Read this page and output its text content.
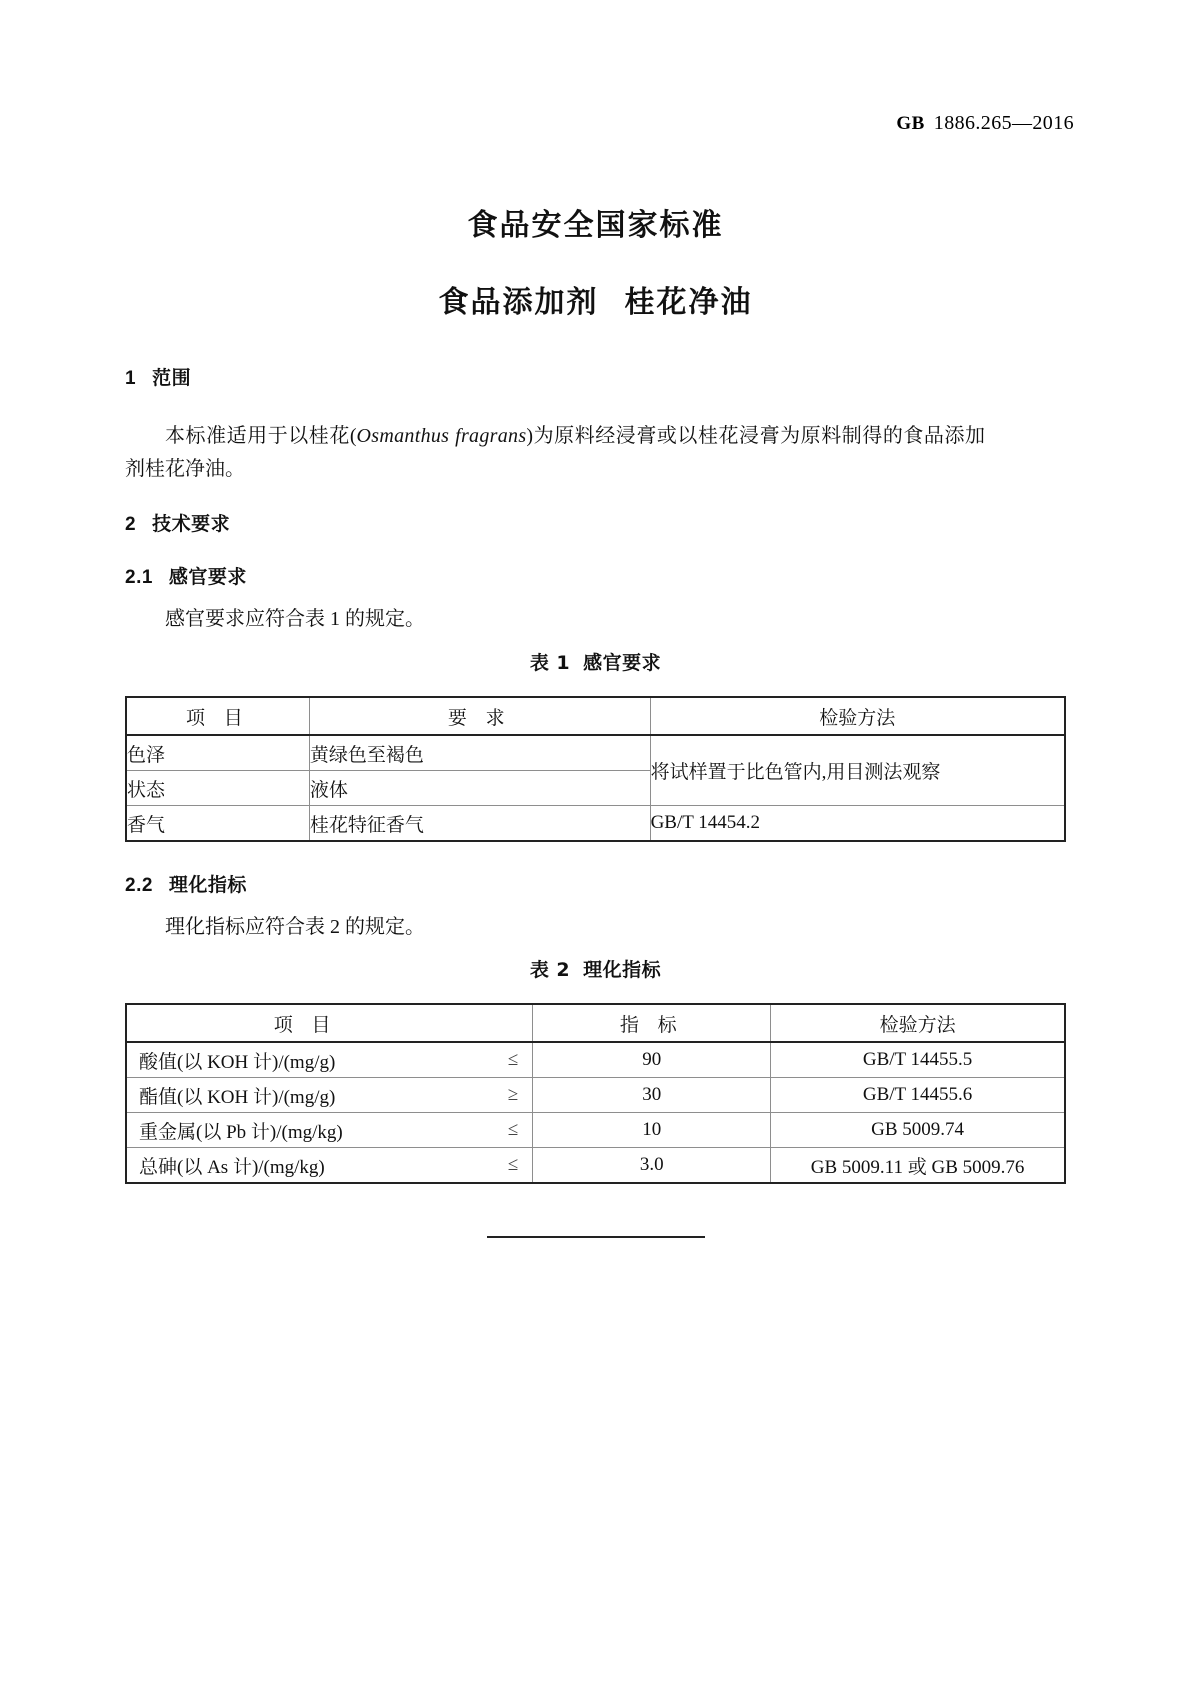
GB 1886.265—2016
食品安全国家标准
食品添加剂 桂花净油
1 范围
本标准适用于以桂花(Osmanthus fragrans)为原料经浸膏或以桂花浸膏为原料制得的食品添加剂桂花净油。
2 技术要求
2.1 感官要求
感官要求应符合表 1 的规定。
表 1 感官要求
项 目	要 求	检验方法
色泽	黄绿色至褐色	将试样置于比色管内,用目测法观察
状态	液体	
香气	桂花特征香气	GB/T 14454.2
2.2 理化指标
理化指标应符合表 2 的规定。
表 2 理化指标
项 目		指 标	检验方法
酸值(以 KOH 计)/(mg/g)	≤	90	GB/T 14455.5
酯值(以 KOH 计)/(mg/g)	≥	30	GB/T 14455.6
重金属(以 Pb 计)/(mg/kg)	≤	10	GB 5009.74
总砷(以 As 计)/(mg/kg)	≤	3.0	GB 5009.11 或 GB 5009.76
